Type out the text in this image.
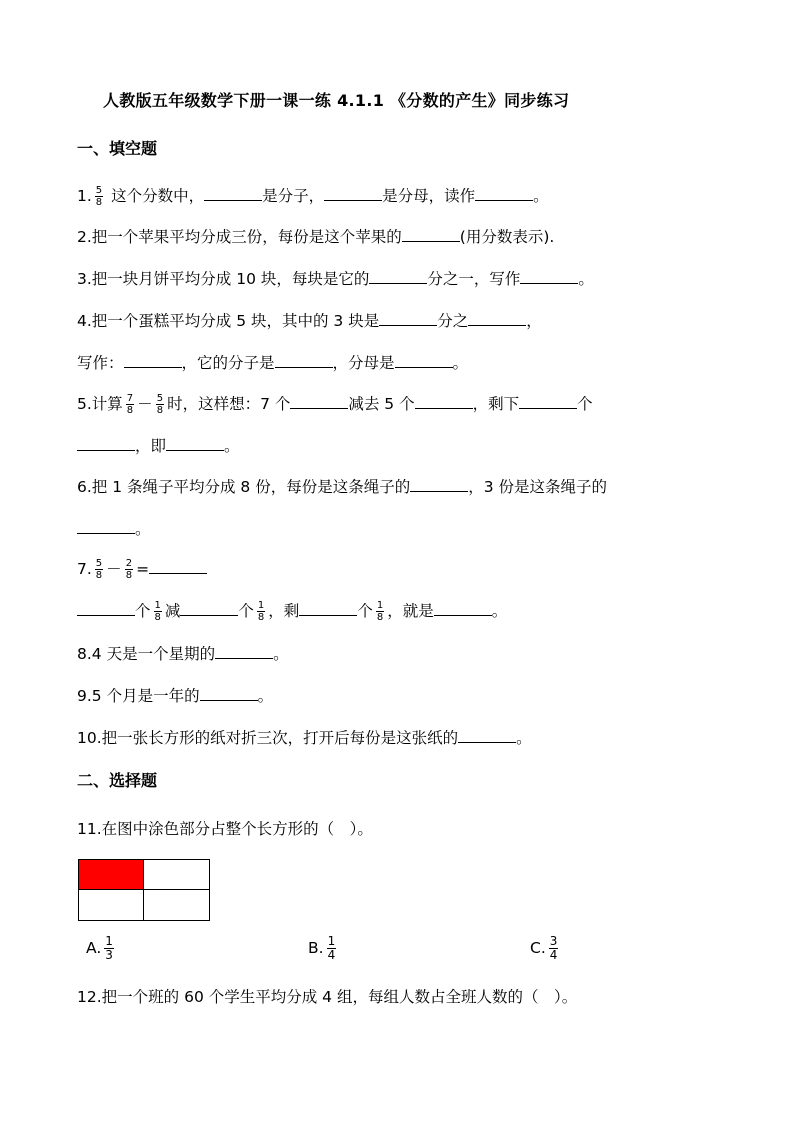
人教版五年级数学下册一课一练 4.1.1 《分数的产生》同步练习
一、填空题
1. $\frac{5}{8}$ 这个分数中，	是分子，	是分母，读作	。
2.把一个苹果平均分成三份，每份是这个苹果的	(用分数表示).
3.把一块月饼平均分成 10 块，每块是它的	分之一，写作	。
4.把一个蛋糕平均分成 5 块，其中的 3 块是	分之	，
写作：	，它的分子是	，分母是	。
5.计算 $\frac{7}{8} - \frac{5}{8}$ 时，这样想：7 个	减去 5 个	，剩下	个
，即	。
6.把 1 条绳子平均分成 8 份，每份是这条绳子的	，3 份是这条绳子的
。
7. $\frac{5}{8} - \frac{2}{8}$ =
个 $\frac{1}{8}$ 减	个 $\frac{1}{8}$ ，剩	个 $\frac{1}{8}$ ，就是	。
8.4 天是一个星期的	。
9.5 个月是一年的	。
10.把一张长方形的纸对折三次，打开后每份是这张纸的	。
二、选择题
11.在图中涂色部分占整个长方形的（　）。
A. $\frac{1}{3}$	B. $\frac{1}{4}$	C. $\frac{3}{4}$
12.把一个班的 60 个学生平均分成 4 组，每组人数占全班人数的（　）。
